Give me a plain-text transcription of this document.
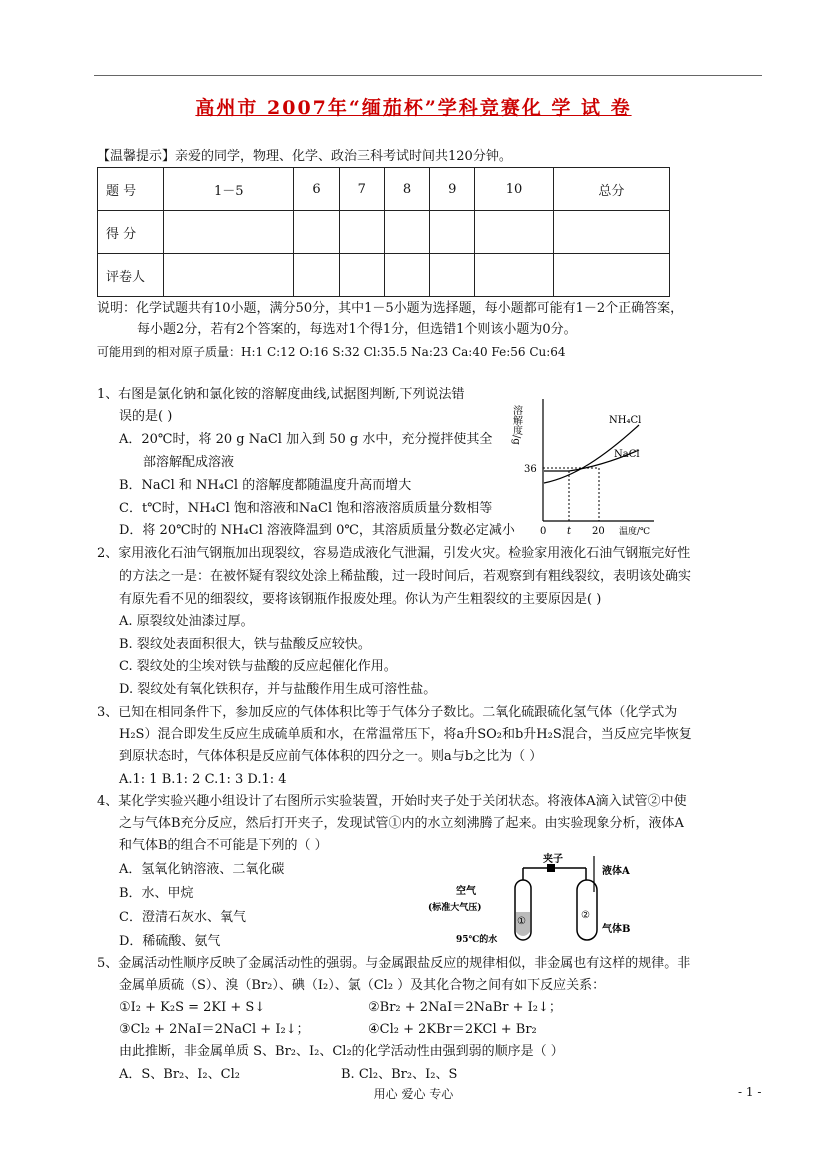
高州市 2007年“缅茄杯”学科竞赛化 学 试 卷
【温馨提示】亲爱的同学，物理、化学、政治三科考试时间共120分钟。
题 号	1－5	6	7	8	9	10	总分
得 分							
评卷人							
说明：化学试题共有10小题，满分50分，其中1－5小题为选择题，每小题都可能有1－2个正确答案，
每小题2分，若有2个答案的，每选对1个得1分，但选错1个则该小题为0分。
可能用到的相对原子质量：H:1 C:12 O:16 S:32 Cl:35.5 Na:23 Ca:40 Fe:56 Cu:64
1、右图是氯化钠和氯化铵的溶解度曲线,试据图判断,下列说法错
误的是( )
A．20℃时，将 20 g NaCl 加入到 50 g 水中，充分搅拌使其全
部溶解配成溶液
B．NaCl 和 NH₄Cl 的溶解度都随温度升高而增大
C．t℃时，NH₄Cl 饱和溶液和NaCl 饱和溶液溶质质量分数相等
D．将 20℃时的 NH₄Cl 溶液降温到 0℃，其溶质质量分数必定减小
溶解度/g
36
0 t 20 温度/℃
NH₄Cl
NaCl
2、家用液化石油气钢瓶加出现裂纹，容易造成液化气泄漏，引发火灾。检验家用液化石油气钢瓶完好性
的方法之一是：在被怀疑有裂纹处涂上稀盐酸，过一段时间后，若观察到有粗线裂纹，表明该处确实
有原先看不见的细裂纹，要将该钢瓶作报废处理。你认为产生粗裂纹的主要原因是( )
A. 原裂纹处油漆过厚。
B. 裂纹处表面积很大，铁与盐酸反应较快。
C. 裂纹处的尘埃对铁与盐酸的反应起催化作用。
D. 裂纹处有氧化铁积存，并与盐酸作用生成可溶性盐。
3、已知在相同条件下，参加反应的气体体积比等于气体分子数比。二氧化硫跟硫化氢气体（化学式为
H₂S）混合即发生反应生成硫单质和水，在常温常压下，将a升SO₂和b升H₂S混合，当反应完毕恢复
到原状态时，气体体积是反应前气体体积的四分之一。则a与b之比为（ ）
A.1: 1 B.1: 2 C.1: 3 D.1: 4
4、某化学实验兴趣小组设计了右图所示实验装置，开始时夹子处于关闭状态。将液体A滴入试管②中使
之与气体B充分反应，然后打开夹子，发现试管①内的水立刻沸腾了起来。由实验现象分析，液体A
和气体B的组合不可能是下列的（ ）
A．氢氧化钠溶液、二氧化碳
B．水、甲烷
C．澄清石灰水、氧气
D．稀硫酸、氨气
夹子
液体A
空气
(标准大气压)
气体B
95℃的水
①
②
5、金属活动性顺序反映了金属活动性的强弱。与金属跟盐反应的规律相似，非金属也有这样的规律。非
金属单质硫（S）、溴（Br₂）、碘（I₂）、氯（Cl₂ ）及其化合物之间有如下反应关系：
①I₂ + K₂S = 2KI + S↓	②Br₂ + 2NaI＝2NaBr + I₂↓；
③Cl₂ + 2NaI＝2NaCl + I₂↓；	④Cl₂ + 2KBr＝2KCl + Br₂
由此推断，非金属单质 S、Br₂、I₂、Cl₂的化学活动性由强到弱的顺序是（ ）
A．S、Br₂、I₂、Cl₂	B. Cl₂、Br₂、I₂、S
用心 爱心 专心	- 1 -
